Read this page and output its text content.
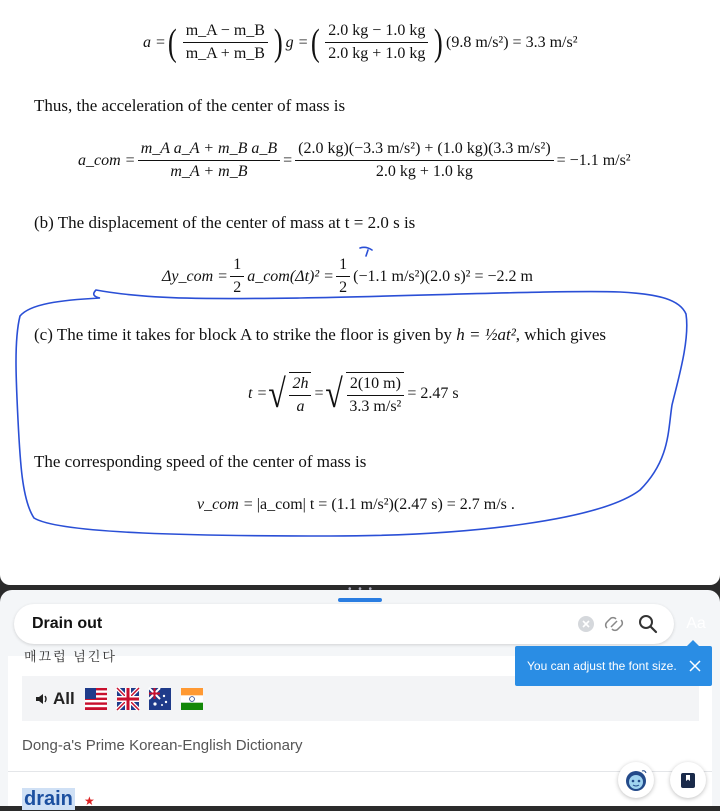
a = ( $\frac{m\_A - m\_B}{m\_A + m\_B}$ ) g = ( $\frac{2.0 kg - 1.0 kg}{2.0 kg + 1.0 kg}$ ) (9.8 m/s²) = 3.3 m/s²
Thus, the acceleration of the center of mass is
a_com = $\frac{\text{m\_A a\_A + m\_B a\_B}}{m\_A + m\_B} = \frac{\text{(2.0 kg)(−3.3 m/s²) + (1.0 kg)(3.3 m/s²)}}{2.0 kg + 1.0 kg} = -1.1$ m/s²
(b) The displacement of the center of mass at t = 2.0 s is
Δy_com = $\frac{1}{2}$ a_com(Δt)² = $\frac{1}{2} (-1.1$ m/s²)(2.0 s)² = −2.2 m
(c) The time it takes for block A to strike the floor is given by h = ½at², which gives
t = √ $\frac{2h}{a}$ = √ $\frac{2(10 m)}{\text{3.3 m/s²}} = 2.47$ s
The corresponding speed of the center of mass is
v_com = |a_com| t = (1.1 m/s²)(2.47 s) = 2.7 m/s .
Drain out
Aa
All
Dong-a's Prime Korean-English Dictionary
drain ★
You can adjust the font size.
